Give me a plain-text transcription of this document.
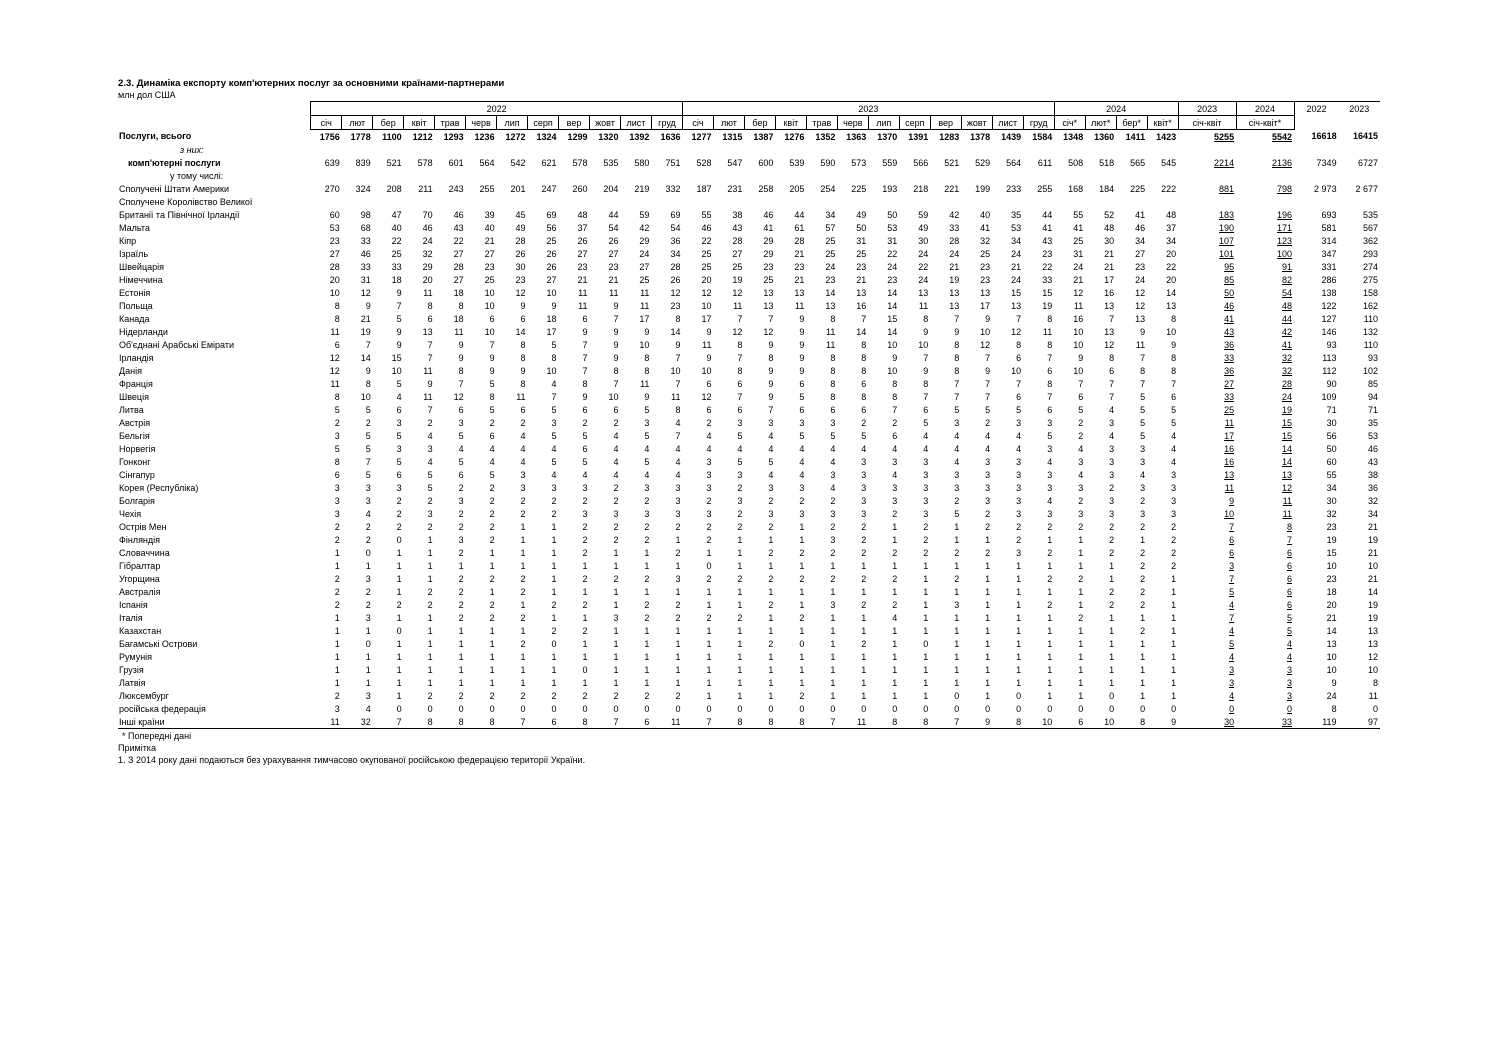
2.3. Динаміка експорту комп'ютерних послуг за основними країнами-партнерами
млн дол США
	2022												2023												2024				2023	2024	2022	2023
	січ	лют	бер	квіт	трав	черв	лип	серп	вер	жовт	лист	груд	січ	лют	бер	квіт	трав	черв	лип	серп	вер	жовт	лист	груд	січ*	лют*	бер*	квіт*	січ-квіт	січ-квіт*		
Послуги, всього	1756	1778	1100	1212	1293	1236	1272	1324	1299	1320	1392	1636	1277	1315	1387	1276	1352	1363	1370	1391	1283	1378	1439	1584	1348	1360	1411	1423	5255	5542	16618	16415
з них:																																
комп'ютерні послуги	639	839	521	578	601	564	542	621	578	535	580	751	528	547	600	539	590	573	559	566	521	529	564	611	508	518	565	545	2214	2136	7349	6727
у тому числі:																																
Сполучені Штати Америки	270	324	208	211	243	255	201	247	260	204	219	332	187	231	258	205	254	225	193	218	221	199	233	255	168	184	225	222	881	798	2 973	2 677
Сполучене Королівство Великої																																
Британії та Північної Ірландії	60	98	47	70	46	39	45	69	48	44	59	69	55	38	46	44	34	49	50	59	42	40	35	44	55	52	41	48	183	196	693	535
Мальта	53	68	40	46	43	40	49	56	37	54	42	54	46	43	41	61	57	50	53	49	33	41	53	41	41	48	46	37	190	171	581	567
Кіпр	23	33	22	24	22	21	28	25	26	26	29	36	22	28	29	28	25	31	31	30	28	32	34	43	25	30	34	34	107	123	314	362
Ізраїль	27	46	25	32	27	27	26	26	27	27	24	34	25	27	29	21	25	25	22	24	24	25	24	23	31	21	27	20	101	100	347	293
Швейцарія	28	33	33	29	28	23	30	26	23	23	27	28	25	25	23	23	24	23	24	22	21	23	21	22	24	21	23	22	95	91	331	274
Німеччина	20	31	18	20	27	25	23	27	21	21	25	26	20	19	25	21	23	21	23	24	19	23	24	33	21	17	24	20	85	82	286	275
Естонія	10	12	9	11	18	10	12	10	11	11	11	12	12	12	13	13	14	13	14	13	13	13	15	15	12	16	12	14	50	54	138	158
Польща	8	9	7	8	8	10	9	9	11	9	11	23	10	11	13	11	13	16	14	11	13	17	13	19	11	13	12	13	46	48	122	162
Канада	8	21	5	6	18	6	6	18	6	7	17	8	17	7	7	9	8	7	15	8	7	9	7	8	16	7	13	8	41	44	127	110
Нідерланди	11	19	9	13	11	10	14	17	9	9	9	14	9	12	12	9	11	14	14	9	9	10	12	11	10	13	9	10	43	42	146	132
Об'єднані Арабські Емірати	6	7	9	7	9	7	8	5	7	9	10	9	11	8	9	9	11	8	10	10	8	12	8	8	10	12	11	9	36	41	93	110
Ірландія	12	14	15	7	9	9	8	8	7	9	8	7	9	7	8	9	8	8	9	7	8	7	6	7	9	8	7	8	33	32	113	93
Данія	12	9	10	11	8	9	9	10	7	8	8	10	10	8	9	9	8	8	10	9	8	9	10	6	10	6	8	8	36	32	112	102
Франція	11	8	5	9	7	5	8	4	8	7	11	7	6	6	9	6	8	6	8	8	7	7	7	8	7	7	7	7	27	28	90	85
Швеція	8	10	4	11	12	8	11	7	9	10	9	11	12	7	9	5	8	8	8	7	7	7	6	7	6	7	5	6	33	24	109	94
Литва	5	5	6	7	6	5	6	5	6	6	5	8	6	6	7	6	6	6	7	6	5	5	5	6	5	4	5	5	25	19	71	71
Австрія	2	2	3	2	3	2	2	3	2	2	3	4	2	3	3	3	3	2	2	5	3	2	3	3	2	3	5	5	11	15	30	35
Бельгія	3	5	5	4	5	6	4	5	5	4	5	7	4	5	4	5	5	5	6	4	4	4	4	5	2	4	5	4	17	15	56	53
Норвегія	5	5	3	3	4	4	4	4	6	4	4	4	4	4	4	4	4	4	4	4	4	4	4	3	4	3	3	4	16	14	50	46
Гонконг	8	7	5	4	5	4	4	5	5	4	5	4	3	5	5	4	4	3	3	3	4	3	3	4	3	3	3	4	16	14	60	43
Сінгапур	6	5	6	5	6	5	3	4	4	4	4	4	3	3	4	4	3	3	4	3	3	3	3	3	4	3	4	3	13	13	55	38
Корея (Республіка)	3	3	3	5	2	2	3	3	3	2	3	3	3	2	3	3	4	3	3	3	3	3	3	3	3	2	3	3	11	12	34	36
Болгарія	3	3	2	2	3	2	2	2	2	2	2	3	2	3	2	2	2	3	3	3	2	3	3	4	2	3	2	3	9	11	30	32
Чехія	3	4	2	3	2	2	2	2	3	3	3	3	3	2	3	3	3	3	2	3	5	2	3	3	3	3	3	3	10	11	32	34
Острів Мен	2	2	2	2	2	2	1	1	2	2	2	2	2	2	2	1	2	2	1	2	1	2	2	2	2	2	2	2	7	8	23	21
Фінляндія	2	2	0	1	3	2	1	1	2	2	2	1	2	1	1	1	3	2	1	2	1	1	2	1	1	2	1	2	6	7	19	19
Словаччина	1	0	1	1	2	1	1	1	2	1	1	2	1	1	2	2	2	2	2	2	2	2	3	2	1	2	2	2	6	6	15	21
Гібралтар	1	1	1	1	1	1	1	1	1	1	1	1	0	1	1	1	1	1	1	1	1	1	1	1	1	1	2	2	3	6	10	10
Угорщина	2	3	1	1	2	2	2	1	2	2	2	3	2	2	2	2	2	2	2	1	2	1	1	2	2	1	2	1	7	6	23	21
Австралія	2	2	1	2	2	1	2	1	1	1	1	1	1	1	1	1	1	1	1	1	1	1	1	1	1	2	2	1	5	6	18	14
Іспанія	2	2	2	2	2	2	1	2	2	1	2	2	1	1	2	1	3	2	2	1	3	1	1	2	1	2	2	1	4	6	20	19
Італія	1	3	1	1	2	2	2	1	1	3	2	2	2	2	1	2	1	1	4	1	1	1	1	1	2	1	1	1	7	5	21	19
Казахстан	1	1	0	1	1	1	1	2	2	1	1	1	1	1	1	1	1	1	1	1	1	1	1	1	1	1	2	1	4	5	14	13
Багамські Острови	1	0	1	1	1	1	2	0	1	1	1	1	1	1	2	0	1	2	1	0	1	1	1	1	1	1	1	1	5	4	13	13
Румунія	1	1	1	1	1	1	1	1	1	1	1	1	1	1	1	1	1	1	1	1	1	1	1	1	1	1	1	1	4	4	10	12
Грузія	1	1	1	1	1	1	1	1	0	1	1	1	1	1	1	1	1	1	1	1	1	1	1	1	1	1	1	1	3	3	10	10
Латвія	1	1	1	1	1	1	1	1	1	1	1	1	1	1	1	1	1	1	1	1	1	1	1	1	1	1	1	1	3	3	9	8
Люксембург	2	3	1	2	2	2	2	2	2	2	2	2	1	1	1	2	1	1	1	1	0	1	0	1	1	0	1	1	4	3	24	11
російська федерація	3	4	0	0	0	0	0	0	0	0	0	0	0	0	0	0	0	0	0	0	0	0	0	0	0	0	0	0	0	0	8	0
Інші країни	11	32	7	8	8	8	7	6	8	7	6	11	7	8	8	8	7	11	8	8	7	9	8	10	6	10	8	9	30	33	119	97
* Попередні дані
Примітка
1. З 2014 року дані подаються без урахування тимчасово окупованої російською федерацією території України.
